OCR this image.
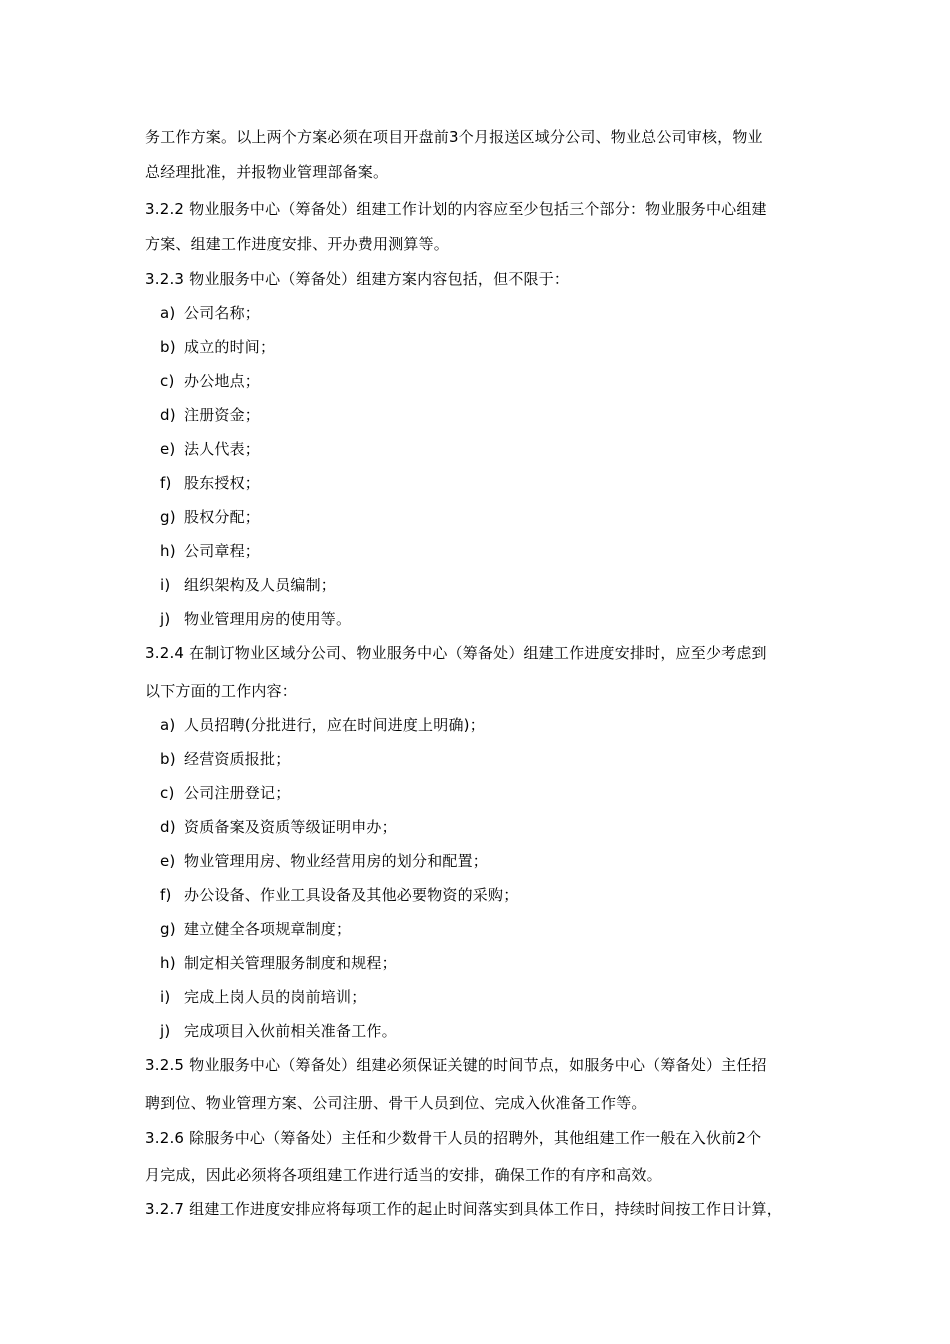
务工作方案。以上两个方案必须在项目开盘前3个月报送区域分公司、物业总公司审核，物业
总经理批准，并报物业管理部备案。
3.2.2 物业服务中心（筹备处）组建工作计划的内容应至少包括三个部分：物业服务中心组建
方案、组建工作进度安排、开办费用测算等。
3.2.3 物业服务中心（筹备处）组建方案内容包括，但不限于：
a) 公司名称；
b) 成立的时间；
c) 办公地点；
d) 注册资金；
e) 法人代表；
f) 股东授权；
g) 股权分配；
h) 公司章程；
i) 组织架构及人员编制；
j) 物业管理用房的使用等。
3.2.4 在制订物业区域分公司、物业服务中心（筹备处）组建工作进度安排时，应至少考虑到
以下方面的工作内容：
a) 人员招聘(分批进行，应在时间进度上明确)；
b) 经营资质报批；
c) 公司注册登记；
d) 资质备案及资质等级证明申办；
e) 物业管理用房、物业经营用房的划分和配置；
f) 办公设备、作业工具设备及其他必要物资的采购；
g) 建立健全各项规章制度；
h) 制定相关管理服务制度和规程；
i) 完成上岗人员的岗前培训；
j) 完成项目入伙前相关准备工作。
3.2.5 物业服务中心（筹备处）组建必须保证关键的时间节点，如服务中心（筹备处）主任招
聘到位、物业管理方案、公司注册、骨干人员到位、完成入伙准备工作等。
3.2.6 除服务中心（筹备处）主任和少数骨干人员的招聘外，其他组建工作一般在入伙前2个
月完成，因此必须将各项组建工作进行适当的安排，确保工作的有序和高效。
3.2.7 组建工作进度安排应将每项工作的起止时间落实到具体工作日，持续时间按工作日计算，
